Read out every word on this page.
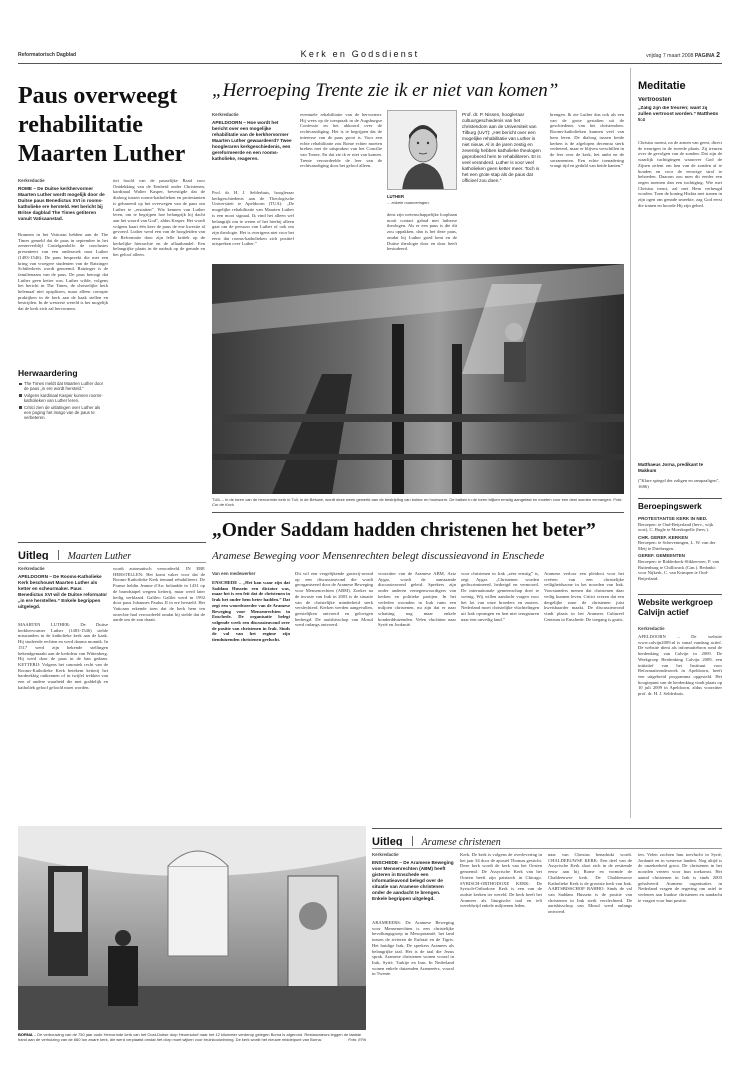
Reformatorisch Dagblad	Kerk en Godsdienst	vrijdag 7 maart 2008 PAGINA 2
Paus overweegt rehabilitatie Maarten Luther
Kerkredactie
ROME – De Duitse kerkhervormer Maarten Luther wordt mogelijk door de Duitse paus Benedictus XVI in rooms-katholieke ere hersteld. Het bericht bij Britse dagblad The Times getiteren vanuit Vaticaanstad.
Brunnen in het Vaticaan hebben aan de The Times gemeld dat de paus in september in het zomerverblijf Castelgandolfo de conclusies presenteert van een onderzoek naar Luther (1483-1546). De paus bespreekt die met een kring van vroegere studenten van de Ratzinger Schülerkreis wordt genoemd. Ratzinger is de familienaam van de paus. De paus betoogt dat Luther geen ketter was. Luther wilde, volgens het bericht in The Times, de christelijke kerk helemaal niet opsplitsen, maar alleen corrupte praktijken in de kerk aan de kaak stellen en bestrijden. In de westerse wereld is het mogelijk dat de kerk zich zal hervormen.
tiet hoofd van de pauselijke Raad voor Ontdekking van de Eenheid onder Christenen, kardinaal Walter Kasper, bevestigde dat de dialoog tussen rooms-katholieken en protestanten is gebaseerd op het overwegen van de paus om Luther te „erstatten”. Wie kennen van Luther leren, om te begrijpen hoe belangrijk hij dacht aan het woord van God”, aldus Kasper. Het wordt volgens kaart één keer de paus de ene kwestie al gevoerd. Luther werd een van de hoogleiden van de Reformatie door zijn felle kritiek op de kerkelijke hierarchie en de aflaathandel. Een belangrijke plaats in de nadruk op de genade en het geloof alleen.
Herwaardering
The Times meldt dat Maarten Luther door de paus „in ere wordt hersteld.”
Volgens kardinaal Kasper kunnen rooms-katholieken van Luther leren.
Critici zien de uitlatingen over Luther als een poging het imago van de paus te verbeteren.
Uitleg Maarten Luther
Kerkredactie
APELDOORN – De Rooms-Katholieke Kerk beschouwt Maarten Luther als ketter en scheurmaker. Paus Benedictus XVI wil de Duitse reformator „in ere herstellen.” Enkele begrippen uitgelegd.
MAARTEN LUTHER: De Duitse kerkhervormer Luther (1483-1546) stelde misstanden in de katholieke kerk aan de kaak. Hij studeerde rechten en werd daarna monnik. In 1517 werd zijn bekende stellingen bekendgemaakt aan de kerkdeur van Wittenberg. Hij werd door de paus in de ban gedaan. KETTERIJ: Volgens het canoniek recht van de Rooms-Katholieke Kerk betekent ketterij het hardnekkig ontkennen of in twijfel trekken van een of andere waarheid die met goddelijk en katholiek geloof geloofd moet worden.
wordt automatisch veroordeeld. IN ERE HERSTELLEN: Het komt vaker voor dat de Rooms-Katholieke Kerk iemand rehabiliteert. De Franse heldin Jeanne d'Arc belandde in 1431 op de brandstapel wegens ketterij, maar werd later heilig verklaard. Galileo Galilei werd in 1992 door paus Johannes Paulus II in ere hersteld. Het Vaticaan erkende toen dat de kerk hem ten onrechte had veroordeeld omdat hij stelde dat de aarde om de zon draait.
„Herroeping Trente zie ik er niet van komen”
Kerkredactie
APELDOORN – Hoe wordt het bericht over een mogelijke rehabilitatie van de kerkhervormer Maarten Luther gewaardeerd? Twee hoogleraren kerkgeschiedenis, een gereformeerde en een rooms-katholieke, reageren.
Prof. dr. H. J. Selderhuis, hoogleraar kerkgeschiedenis aan de Theologische Universiteit te Apeldoorn (TUA): „De mogelijke rehabilitatie van Maarten Luther is een mooi signaal. Ik vind het alleen wel belangrijk om te weten of het hierbij alleen gaat om de persoon van Luther of ook om zijn theologie. Het is overigens niet voor het eerst dat rooms-katholieken zich positief uitspreken over Luther.”
eventuele rehabilitatie van de hervormer. Hij wees op de toespraak in de Augsburgse Confessie en het akkoord over de rechtvaardiging. Het is te begrijpen dat de interesse van de paus groot is. Voor een echte rehabilitatie zou Rome echter moeten breken met de uitspraken van het Concilie van Trente. En dat zie ik er niet van komen. Trente veroordeelde de leer van de rechtvaardiging door het geloof alleen.
LUTHER
... enkele nuanceringen.
dens zijn wetenschappelijke loopbaan nooit contact gehad met lutherse theologen. Als er een paus is die dit zou oppakken, dan is het deze paus, omdat hij Luther goed kent en de Duitse theologie door en door heeft bestudeerd.
Prof. dr. P. Nissen, hoogleraar cultuurgeschiedenis van het christendom aan de Universiteit van Tilburg (UvT): „Het bericht over een mogelijke rehabilitatie van Luther is niet nieuw. Al in de jaren zestig en zeventig hebben katholieke theologen geprobeerd hem te rehabiliteren. Er is veel veranderd. Luther is voor veel katholieken geen ketter meer. Toch is het een grote stap als de paus dat officieel zou doen.”
brengen. Ik zie Luther dus ook als een van de grote gestalten uit de geschiedenis van het christendom. Rooms-katholieken kunnen veel van hem leren. De dialoog tussen beide kerken is de afgelopen decennia sterk verbeterd, maar er blijven verschillen in de leer over de kerk, het ambt en de sacramenten. Een echte toenadering vraagt tijd en geduld van beide kanten.”
TUIL – In de toren van de hervormde kerk in Tuil, in de Betuwe, wordt deze week gewerkt aan de bestrijding van boktor en houtworm. De balken in de toren blijken ernstig aangetast en moeten voor een deel worden vervangen. Foto: Cor de Kock
„Onder Saddam hadden christenen het beter”
Aramese Beweging voor Mensenrechten belegt discussieavond in Enschede
Van een medewerker
ENSCHEDE – „Het kan waar zijn dat Saddam Hussein een dictator was, maar het is een feit dat de christenen in Irak het onder hem beter hadden.” Dat zegt een woordvoerder van de Aramese Beweging voor Mensenrechten in Enschede. De organisatie belegt volgende week een discussieavond over de positie van christenen in Irak. Sinds de val van het regime zijn tienduizenden christenen gevlucht.
Dit wil een vergelijkende gastvrij-avond op een discussieavond die wordt georganiseerd door de Aramese Beweging voor Mensenrechten (ABM). Zoeker na de invasie van Irak in 2003 is de situatie van de christelijke minderheid sterk verslechterd. Kerken werden aangevallen, geestelijken ontvoerd en gelovigen bedreigd. De aartsbisschop van Mosul werd onlangs ontvoerd.
voorzitter van de Aramese ABM, Aziz Aygar, wordt de aanstaande discussieavond geleid. Sprekers zijn onder anderen vertegenwoordigers van kerken en politieke partijen. In het verleden woonden in Irak ruim een miljoen christenen, nu zijn dat er naar schatting nog maar enkele honderdduizenden. Velen vluchtten naar Syrië en Jordanië.
voor christenen in Irak „zeer ernstig” is, zegt Aygar. „Christenen worden gediscrimineerd, bedreigd en vermoord. De internationale gemeenschap doet te weinig. Wij willen aandacht vragen voor het lot van onze broeders en zusters. Nederland moet christelijke vluchtelingen uit Irak opvangen en hen niet terugsturen naar een onveilig land.”
Aramese verloor een pleidooi voor het creëren van een christelijke veiligheidszone in het noorden van Irak. Voorstanders menen dat christenen daar veilig kunnen leven. Critici vrezen dat een dergelijke zone de christenen juist kwetsbaarder maakt. De discussieavond vindt plaats in het Aramees Cultureel Centrum in Enschede. De toegang is gratis.
BORNA – De verbouwing van de 750 jaar oude Hervormde kerk van het Oost-Duitse dorp Heuersdorf naar het 12 kilometer verderop gelegen Borna is afgerond. Restaurateurs leggen de laatste hand aan de verhuizing van de 660 ton zware kerk, die werd verplaatst omdat het dorp moet wijken voor bruinkoolwinning. De kerk wordt het nieuwe middelpunt van Borna.	Foto: EPA
Uitleg Aramese christenen
Kerkredactie
ENSCHEDE – De Aramese Beweging voor Mensenrechten (ABM) heeft gisteren in Enschede een informatieavond belegd over de situatie van Aramese christenen onder de aandacht te brengen. Enkele begrippen uitgelegd.
ARAMEEERS: De Aramese Beweging voor Mensenrechten is een christelijke bevolkingsgroep in Mesopotamië, het land tussen de rivieren de Eufraat en de Tigris. Het huidige Irak. De sprekers Aramees als belangrijke taal. Het is de taal die Jezus sprak. Aramese christenen wonen vooral in Irak, Syrië, Turkije en Iran. In Nederland wonen enkele duizenden Arameeërs, vooral in Twente.
Kerk. De kerk is volgens de overlevering in het jaar 34 door de apostel Thomas gesticht. Deze kerk wordt de kerk van het Oosten genoemd. De Assyrische Kerk van het Oosten heeft zijn patriarch in Chicago. SYRISCH-ORTHODOXE KERK: De Syrisch-Orthodoxe Kerk is een van de oudste kerken ter wereld. De kerk heeft het Aramees als liturgische taal en telt wereldwijd enkele miljoenen leden.
naar van Christus benadrukt wordt. CHALDEEUWSE KERK: Een deel van de Assyrische Kerk sloot zich in de zestiende eeuw aan bij Rome en vormde de Chaldeeuwse kerk. De Chaldeeuwse Katholieke Kerk is de grootste kerk van Irak. AARTSBISSCHOP RAHHO: Sinds de val van Saddam Hussein is de positie van christenen in Irak sterk verslechterd. De aartsbisschop van Mosul werd onlangs ontvoerd.
ten. Velen zochten hun toevlucht in Syrië, Jordanië en in westerse landen. Nog altijd is de onzekerheid groot. De christenen in het noorden vrezen voor hun toekomst. Het aantal christenen in Irak is sinds 2003 gehalveerd. Aramese organisaties in Nederland vragen de regering om asiel te verlenen aan Iraakse christenen en aandacht te vragen voor hun positie.
Meditatie
Vertroosten
„Zalig zijn die treuren; want zij zullen vertroost worden.” Mattheüs 5:4
Christus noemt, na de armen van geest, direct de treurigen in de tweede plaats. Zij treuren over de gevolgen van de zonden. Dat zijn de waarlijk tuchtigingen waarover God de Zijnen oefent om hen van de zonden af te houden en voor de eeuwige straf te behoeden. Daarom zou men dit eerder een zegen noemen dan een tuchtiging. Wie met Christus treurt, zal met Hem verheugd worden. Toen de koning Hizkia met tranen in zijn ogen om genade smeekte, zag God eerst die tranen en hoorde Hij zijn gebed.
Matthaeus Jorna, predikant te Makkum
("Klare spiegel der zaligen en rampzaligen", 1686)
Beroepingswerk

PROTESTANTSE KERK IN NED.
Beroepen: te Oud-Beijerland (herv., wijk oost), C. Bogle te Moerkapelle (herv.).

CHR. GEREF. KERKEN
Beroepen: te Scheveningen, L. W. van der Meij te Driebergen.

GEREF. GEMEENTEN
Beroepen: te Ridderkerk-Slikkerveer, P. van Ruitenburg te Chilliwack (Can.). Bedankt: voor Nijkerk, C. van Krimpen te Oud-Beijerland.

Website werkgroep Calvijn actief
Kerkredactie
APELDOORN – De website www.calvijn2009.nl is vanaf vandaag actief. De website dient als informatiebron rond de herdenking van Calvijn in 2009. De Werkgroep Herdenking Calvijn 2009, een initiatief van het Instituut voor Reformatieonderzoek in Apeldoorn, heeft een uitgebreid programma opgesteld. Het hoogtepunt van de herdenking vindt plaats op 10 juli 2009 in Apeldoorn, aldus voorzitter prof. dr. H. J. Selderhuis.
